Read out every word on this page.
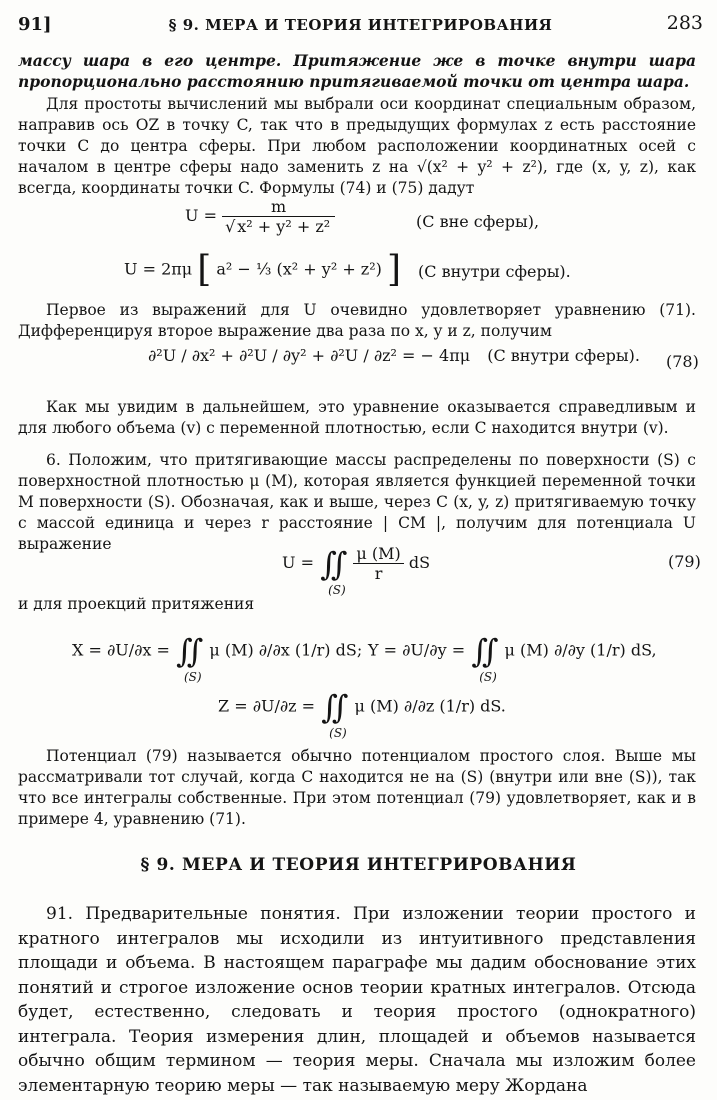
91]	§ 9. МЕРА И ТЕОРИЯ ИНТЕГРИРОВАНИЯ	283
массу шара в его центре. Притяжение же в точке внутри шара пропорционально расстоянию притягиваемой точки от центра шара.
Для простоты вычислений мы выбрали оси координат специальным образом, направив ось OZ в точку C, так что в предыдущих формулах z есть расстояние точки C до центра сферы. При любом расположении координатных осей с началом в центре сферы надо заменить z на √(x² + y² + z²), где (x, y, z), как всегда, координаты точки C. Формулы (74) и (75) дадут
$U = \frac{m}{\text{√ x² + y² + z²}}$	(C вне сферы),
U = 2πμ [ a² − ⅓ (x² + y² + z²) ] (C внутри сферы).
Первое из выражений для U очевидно удовлетворяет уравнению (71). Дифференцируя второе выражение два раза по x, y и z, получим
∂²U / ∂x² + ∂²U / ∂y² + ∂²U / ∂z² = − 4πμ (C внутри сферы). (78)
Как мы увидим в дальнейшем, это уравнение оказывается справедливым и для любого объема (v) с переменной плотностью, если C находится внутри (v).
6. Положим, что притягивающие массы распределены по поверхности (S) с поверхностной плотностью μ (M), которая является функцией переменной точки M поверхности (S). Обозначая, как и выше, через C (x, y, z) притягиваемую точку с массой единица и через r расстояние | CM |, получим для потенциала U выражение
U = ∬
(S)

$\frac{\mu (M)}{r}$ dS	(79)
и для проекций притяжения
X = ∂U/∂x = ∬
(S)
μ (M) ∂/∂x (1/r) dS; Y = ∂U/∂y = ∬
(S)
μ (M) ∂/∂y (1/r) dS,
Z = ∂U/∂z = ∬
(S)
μ (M) ∂/∂z (1/r) dS.
Потенциал (79) называется обычно потенциалом простого слоя. Выше мы рассматривали тот случай, когда C находится не на (S) (внутри или вне (S)), так что все интегралы собственные. При этом потенциал (79) удовлетворяет, как и в примере 4, уравнению (71).
§ 9. МЕРА И ТЕОРИЯ ИНТЕГРИРОВАНИЯ
91. Предварительные понятия. При изложении теории простого и кратного интегралов мы исходили из интуитивного представления площади и объема. В настоящем параграфе мы дадим обоснование этих понятий и строгое изложение основ теории кратных интегралов. Отсюда будет, естественно, следовать и теория простого (однократного) интеграла. Теория измерения длин, площадей и объемов называется обычно общим термином — теория меры. Сначала мы изложим более элементарную теорию меры — так называемую меру Жордана
